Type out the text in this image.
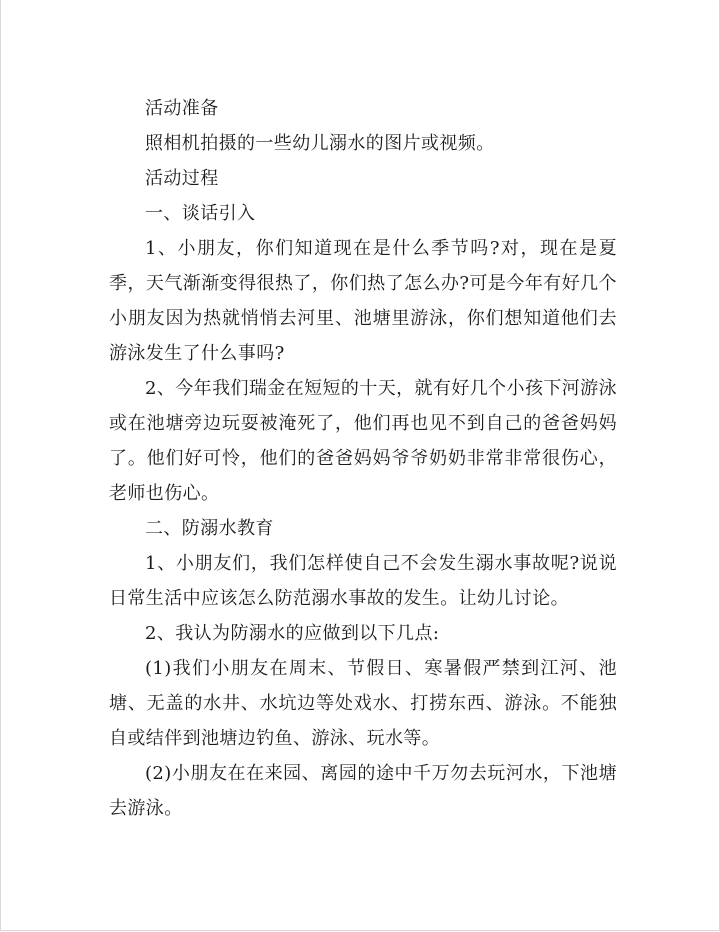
活动准备

照相机拍摄的一些幼儿溺水的图片或视频。

活动过程

一、谈话引入

1、小朋友，你们知道现在是什么季节吗?对，现在是夏季，天气渐渐变得很热了，你们热了怎么办?可是今年有好几个小朋友因为热就悄悄去河里、池塘里游泳，你们想知道他们去游泳发生了什么事吗?

2、今年我们瑞金在短短的十天，就有好几个小孩下河游泳或在池塘旁边玩耍被淹死了，他们再也见不到自己的爸爸妈妈了。他们好可怜，他们的爸爸妈妈爷爷奶奶非常非常很伤心，老师也伤心。

二、防溺水教育

1、小朋友们，我们怎样使自己不会发生溺水事故呢?说说日常生活中应该怎么防范溺水事故的发生。让幼儿讨论。

2、我认为防溺水的应做到以下几点:

(1)我们小朋友在周末、节假日、寒暑假严禁到江河、池塘、无盖的水井、水坑边等处戏水、打捞东西、游泳。不能独自或结伴到池塘边钓鱼、游泳、玩水等。

(2)小朋友在在来园、离园的途中千万勿去玩河水，下池塘去游泳。
